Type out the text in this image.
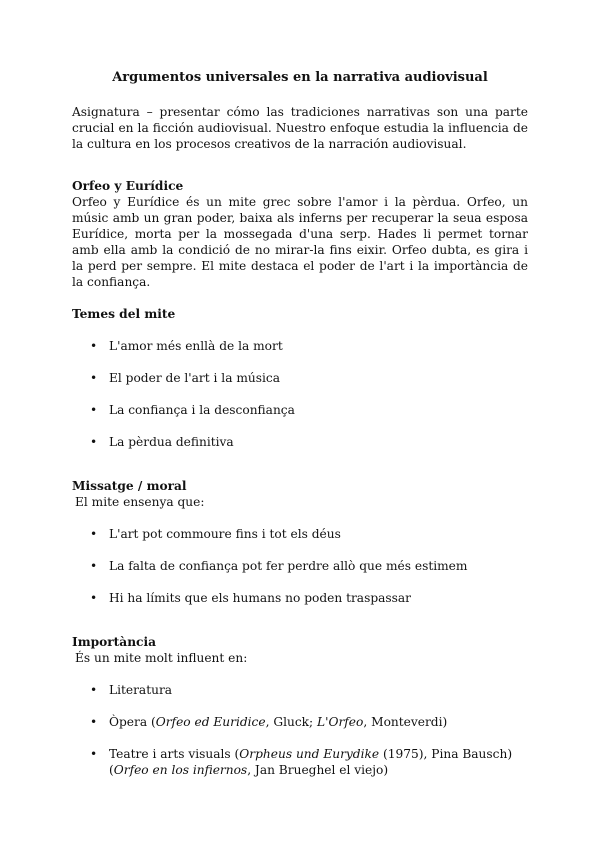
Argumentos universales en la narrativa audiovisual

Asignatura – presentar cómo las tradiciones narrativas son una parte crucial en la ficción audiovisual. Nuestro enfoque estudia la influencia de la cultura en los procesos creativos de la narración audiovisual.

Orfeo y Eurídice

Orfeo y Eurídice és un mite grec sobre l'amor i la pèrdua. Orfeo, un músic amb un gran poder, baixa als inferns per recuperar la seua esposa Eurídice, morta per la mossegada d'una serp. Hades li permet tornar amb ella amb la condició de no mirar-la fins eixir. Orfeo dubta, es gira i la perd per sempre. El mite destaca el poder de l'art i la importància de la confiança.

Temes del mite

• L'amor més enllà de la mort
• El poder de l'art i la música
• La confiança i la desconfiança
• La pèrdua definitiva

Missatge / moral

El mite ensenya que:

• L'art pot commoure fins i tot els déus
• La falta de confiança pot fer perdre allò que més estimem
• Hi ha límits que els humans no poden traspassar

Importància

És un mite molt influent en:

• Literatura
• Òpera (Orfeo ed Euridice, Gluck; L'Orfeo, Monteverdi)
• Teatre i arts visuals (Orpheus und Eurydike (1975), Pina Bausch) (Orfeo en los infiernos, Jan Brueghel el viejo)
